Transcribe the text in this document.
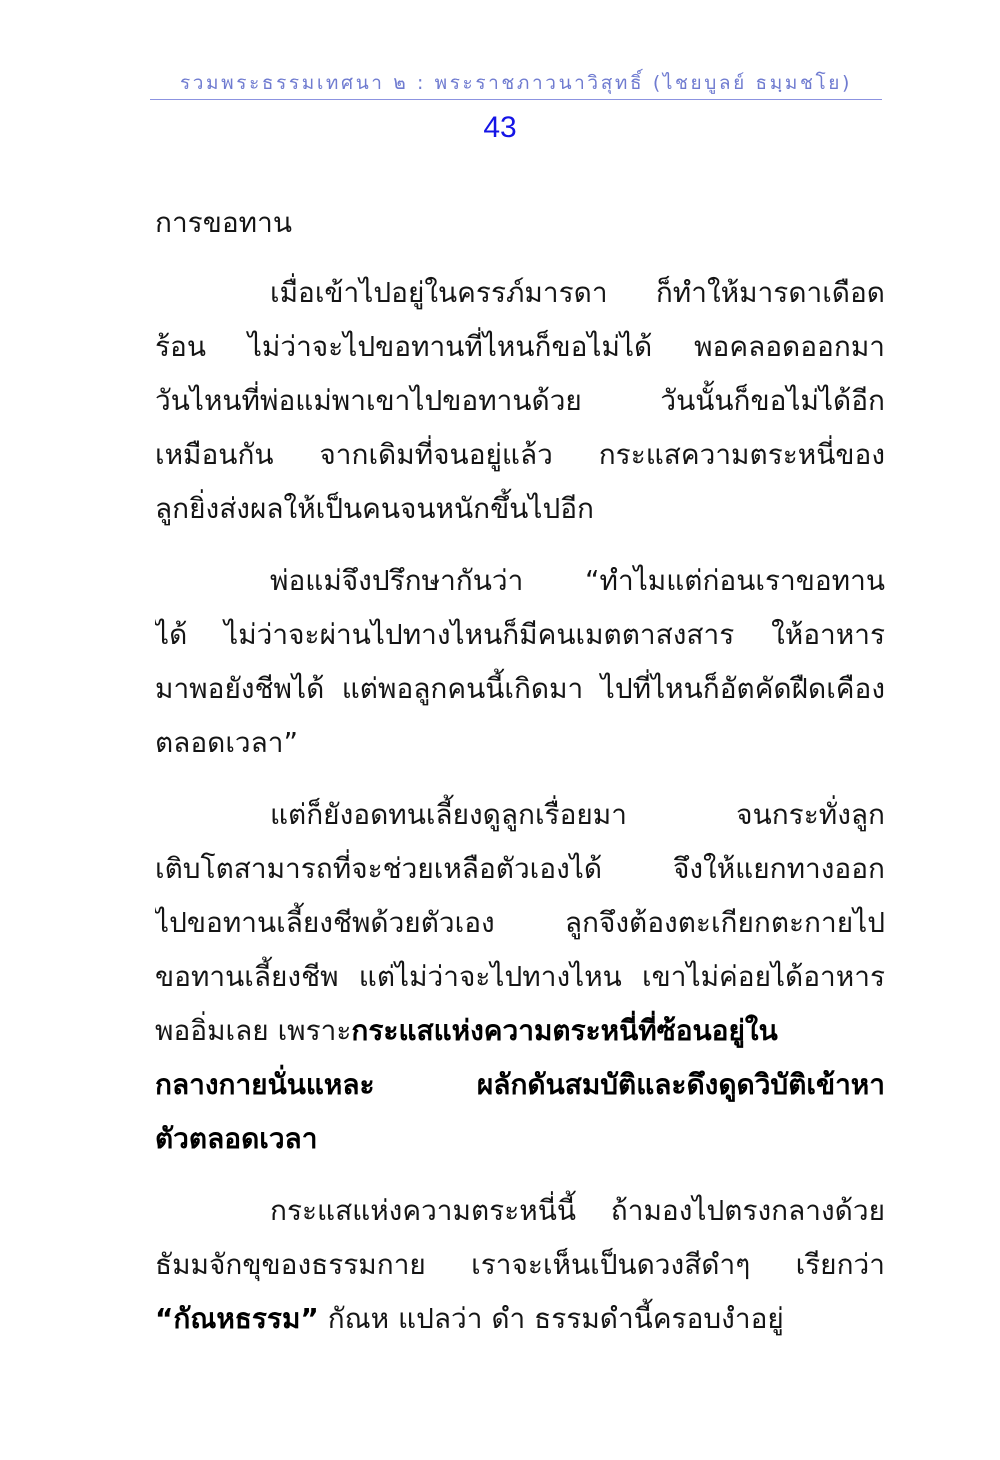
รวมพระธรรมเทศนา ๒ : พระราชภาวนาวิสุทธิ์ (ไชยบูลย์ ธมฺมชโย)
43
การขอทาน
เมื่อเข้าไปอยู่ในครรภ์มารดา ก็ทำให้มารดาเดือด
ร้อน ไม่ว่าจะไปขอทานที่ไหนก็ขอไม่ได้ พอคลอดออกมา
วันไหนที่พ่อแม่พาเขาไปขอทานด้วย วันนั้นก็ขอไม่ได้อีก
เหมือนกัน จากเดิมที่จนอยู่แล้ว กระแสความตระหนี่ของ
ลูกยิ่งส่งผลให้เป็นคนจนหนักขึ้นไปอีก
พ่อแม่จึงปรึกษากันว่า “ทำไมแต่ก่อนเราขอทาน
ได้ ไม่ว่าจะผ่านไปทางไหนก็มีคนเมตตาสงสาร ให้อาหาร
มาพอยังชีพได้ แต่พอลูกคนนี้เกิดมา ไปที่ไหนก็อัตคัดฝืดเคือง
ตลอดเวลา”
แต่ก็ยังอดทนเลี้ยงดูลูกเรื่อยมา จนกระทั่งลูก
เติบโตสามารถที่จะช่วยเหลือตัวเองได้ จึงให้แยกทางออก
ไปขอทานเลี้ยงชีพด้วยตัวเอง ลูกจึงต้องตะเกียกตะกายไป
ขอทานเลี้ยงชีพ แต่ไม่ว่าจะไปทางไหน เขาไม่ค่อยได้อาหาร
พออิ่มเลย เพราะกระแสแห่งความตระหนี่ที่ซ้อนอยู่ใน
กลางกายนั่นแหละ ผลักดันสมบัติและดึงดูดวิบัติเข้าหา
ตัวตลอดเวลา
กระแสแห่งความตระหนี่นี้ ถ้ามองไปตรงกลางด้วย
ธัมมจักขุของธรรมกาย เราจะเห็นเป็นดวงสีดำๆ เรียกว่า
“กัณหธรรม” กัณห แปลว่า ดำ ธรรมดำนี้ครอบงำอยู่
